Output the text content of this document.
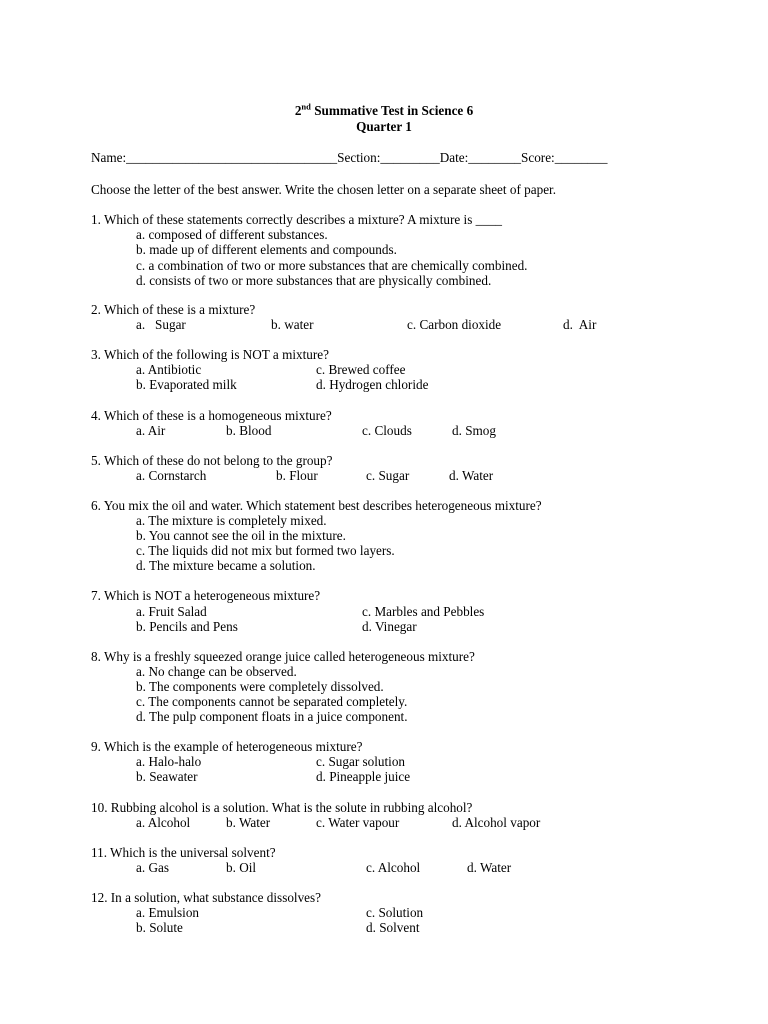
2nd Summative Test in Science 6
Quarter 1
Name:________________________________Section:_________Date:________Score:________
Choose the letter of the best answer. Write the chosen letter on a separate sheet of paper.
1. Which of these statements correctly describes a mixture? A mixture is ____
a. composed of different substances.
b. made up of different elements and compounds.
c. a combination of two or more substances that are chemically combined.
d. consists of two or more substances that are physically combined.
2. Which of these is a mixture?
a.   Sugar	b. water	c. Carbon dioxide	d.  Air
3. Which of the following is NOT a mixture?
a. Antibiotic	c. Brewed coffee
b. Evaporated milk	d. Hydrogen chloride
4. Which of these is a homogeneous mixture?
a. Air	b. Blood	c. Clouds	d. Smog
5. Which of these do not belong to the group?
a. Cornstarch	b. Flour	c. Sugar	d. Water
6. You mix the oil and water. Which statement best describes heterogeneous mixture?
a. The mixture is completely mixed.
b. You cannot see the oil in the mixture.
c. The liquids did not mix but formed two layers.
d. The mixture became a solution.
7. Which is NOT a heterogeneous mixture?
a. Fruit Salad	c. Marbles and Pebbles
b. Pencils and Pens	d. Vinegar
8. Why is a freshly squeezed orange juice called heterogeneous mixture?
a. No change can be observed.
b. The components were completely dissolved.
c. The components cannot be separated completely.
d. The pulp component floats in a juice component.
9. Which is the example of heterogeneous mixture?
a. Halo-halo	c. Sugar solution
b. Seawater	d. Pineapple juice
10. Rubbing alcohol is a solution. What is the solute in rubbing alcohol?
a. Alcohol	b. Water	c. Water vapour	d. Alcohol vapor
11. Which is the universal solvent?
a. Gas	b. Oil	c. Alcohol	d. Water
12. In a solution, what substance dissolves?
a. Emulsion	c. Solution
b. Solute	d. Solvent
